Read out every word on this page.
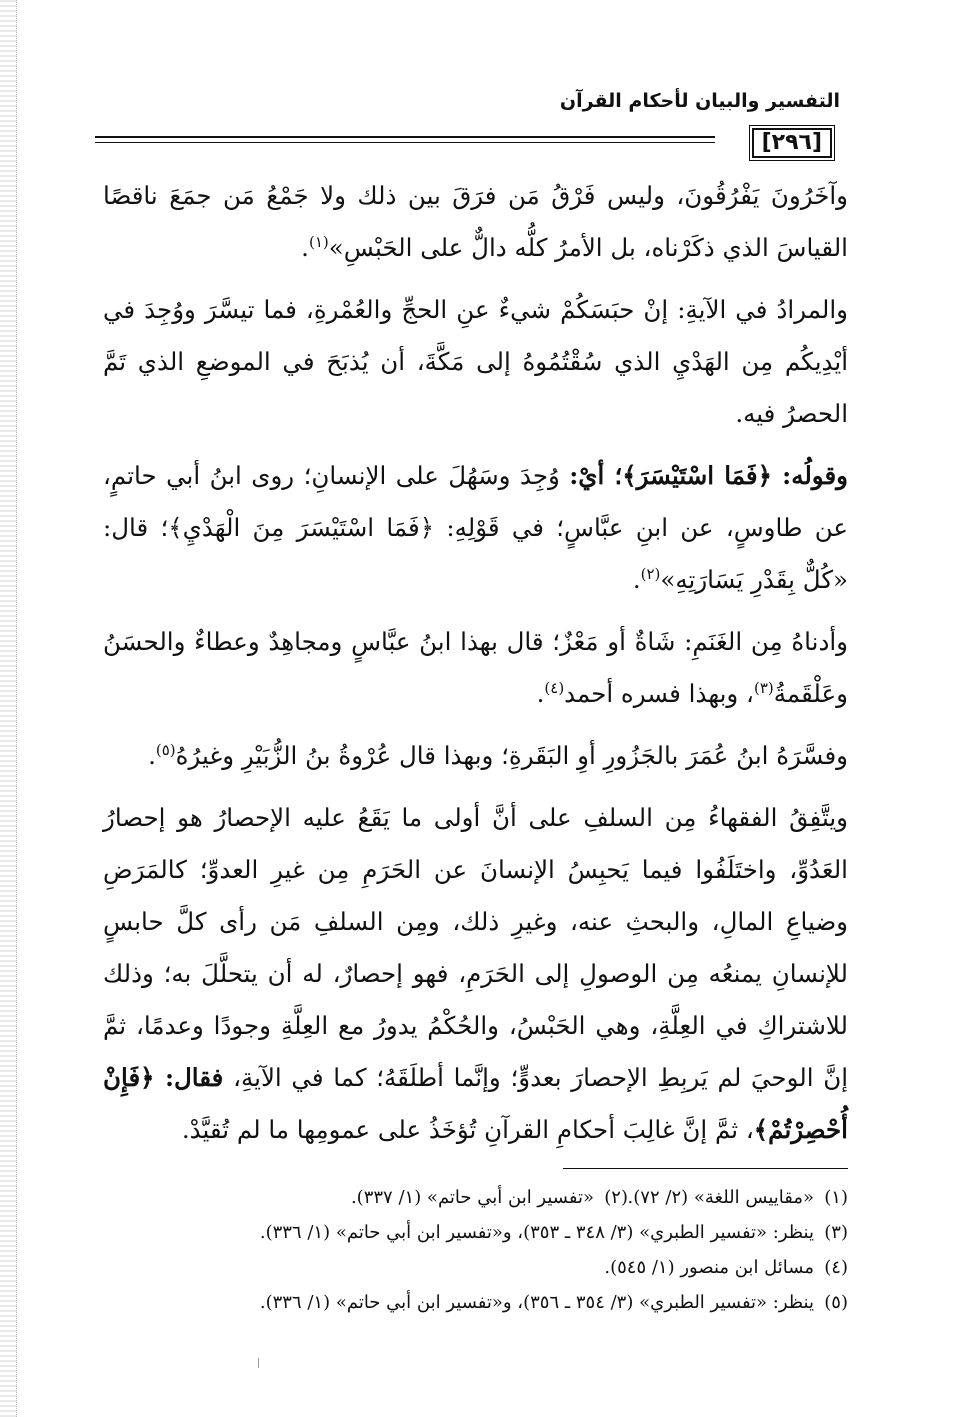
التفسير والبيان لأحكام القرآن
[٢٩٦]

وآخَرُونَ يَفْرُقُونَ، وليس فَرْقُ مَن فرَقَ بين ذلك ولا جَمْعُ مَن جمَعَ ناقصًا القياسَ الذي ذكَرْناه، بل الأمرُ كلُّه دالٌّ على الحَبْسِ»$^{(١)}$.

والمرادُ في الآيةِ: إنْ حبَسَكُمْ شيءٌ عنِ الحجِّ والعُمْرةِ، فما تيسَّرَ ووُجِدَ في أيْدِيكُم مِن الهَدْيِ الذي سُقْتُمُوهُ إلى مَكَّةَ، أن يُذبَحَ في الموضعِ الذي تَمَّ الحصرُ فيه.

وقولُه: ﴿فَمَا اسْتَيْسَرَ﴾؛ أيْ: وُجِدَ وسَهُلَ على الإنسانِ؛ روى ابنُ أبي حاتمٍ، عن طاوسٍ، عن ابنِ عبَّاسٍ؛ في قَوْلِهِ: ﴿فَمَا اسْتَيْسَرَ مِنَ الْهَدْيِ﴾؛ قال: «كُلٌّ بِقَدْرِ يَسَارَتِهِ»$^{(٢)}$.

وأدناهُ مِن الغَنَمِ: شَاةٌ أو مَعْزٌ؛ قال بهذا ابنُ عبَّاسٍ ومجاهِدٌ وعطاءٌ والحسَنُ وعَلْقَمةُ$^{(٣)}$، وبهذا فسره أحمد$^{(٤)}$.

وفسَّرَهُ ابنُ عُمَرَ بالجَزُورِ أوِ البَقَرةِ؛ وبهذا قال عُرْوةُ بنُ الزُّبَيْرِ وغيرُهُ$^{(٥)}$.

ويتَّفِقُ الفقهاءُ مِن السلفِ على أنَّ أولى ما يَقَعُ عليه الإحصارُ هو إحصارُ العَدُوِّ، واختَلَفُوا فيما يَحبِسُ الإنسانَ عن الحَرَمِ مِن غيرِ العدوِّ؛ كالمَرَضِ وضياعِ المالِ، والبحثِ عنه، وغيرِ ذلك، ومِن السلفِ مَن رأى كلَّ حابسٍ للإنسانِ يمنعُه مِن الوصولِ إلى الحَرَمِ، فهو إحصارٌ، له أن يتحلَّلَ به؛ وذلك للاشتراكِ في العِلَّةِ، وهي الحَبْسُ، والحُكْمُ يدورُ مع العِلَّةِ وجودًا وعدمًا، ثمَّ إنَّ الوحيَ لم يَربِطِ الإحصارَ بعدوٍّ؛ وإنَّما أطلَقَهُ؛ كما في الآيةِ، فقال: ﴿فَإِنْ أُحْصِرْتُمْ﴾، ثمَّ إنَّ غالِبَ أحكامِ القرآنِ تُؤخَذُ على عمومِها ما لم تُقيَّدْ.

(١)«مقاييس اللغة» (٢/ ٧٢).
(٢)«تفسير ابن أبي حاتم» (١/ ٣٣٧).
(٣)ينظر: «تفسير الطبري» (٣/ ٣٤٨ ـ ٣٥٣)، و«تفسير ابن أبي حاتم» (١/ ٣٣٦).
(٤)مسائل ابن منصور (١/ ٥٤٥).
(٥)ينظر: «تفسير الطبري» (٣/ ٣٥٤ ـ ٣٥٦)، و«تفسير ابن أبي حاتم» (١/ ٣٣٦).
